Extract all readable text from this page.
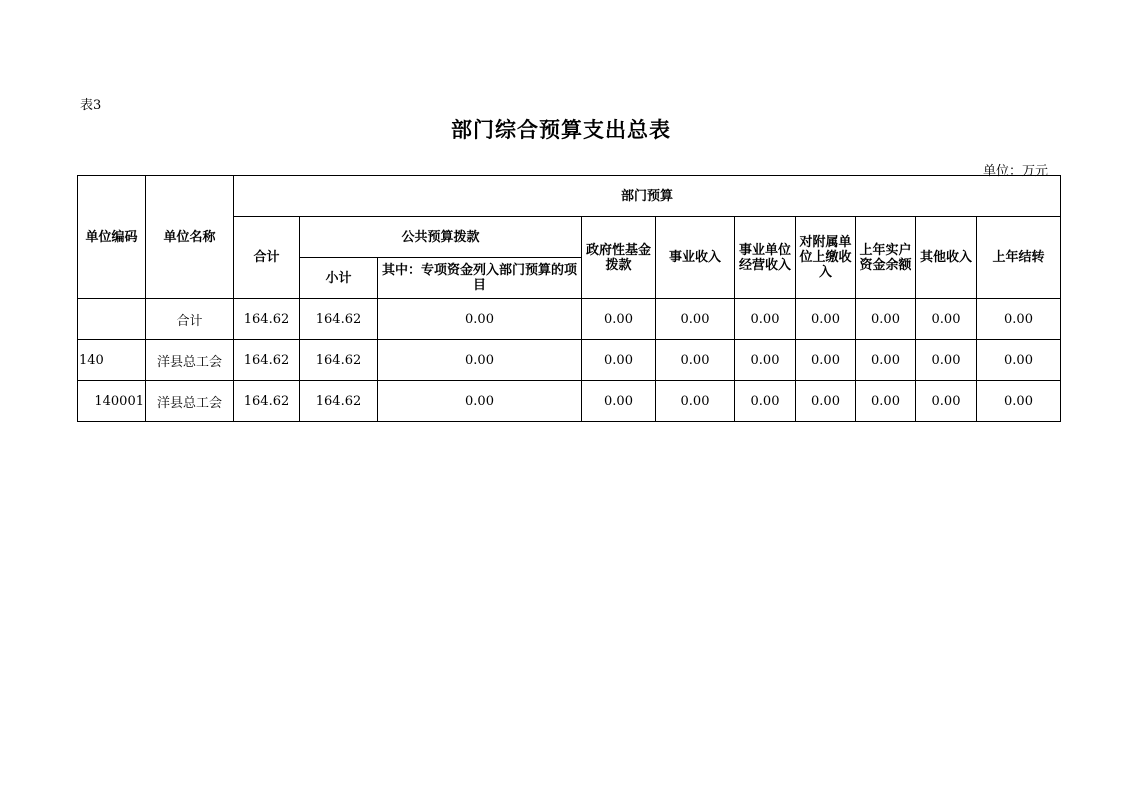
表3
部门综合预算支出总表
单位：万元
单位编码	单位名称	部门预算									
		合计	公共预算拨款		政府性基金拨款	事业收入	事业单位经营收入	对附属单位上缴收入	上年实户资金余额	其他收入	上年结转
			小计	其中：专项资金列入部门预算的项目							
	合计	164.62	164.62	0.00	0.00	0.00	0.00	0.00	0.00	0.00	0.00
140	洋县总工会	164.62	164.62	0.00	0.00	0.00	0.00	0.00	0.00	0.00	0.00
140001	洋县总工会	164.62	164.62	0.00	0.00	0.00	0.00	0.00	0.00	0.00	0.00
